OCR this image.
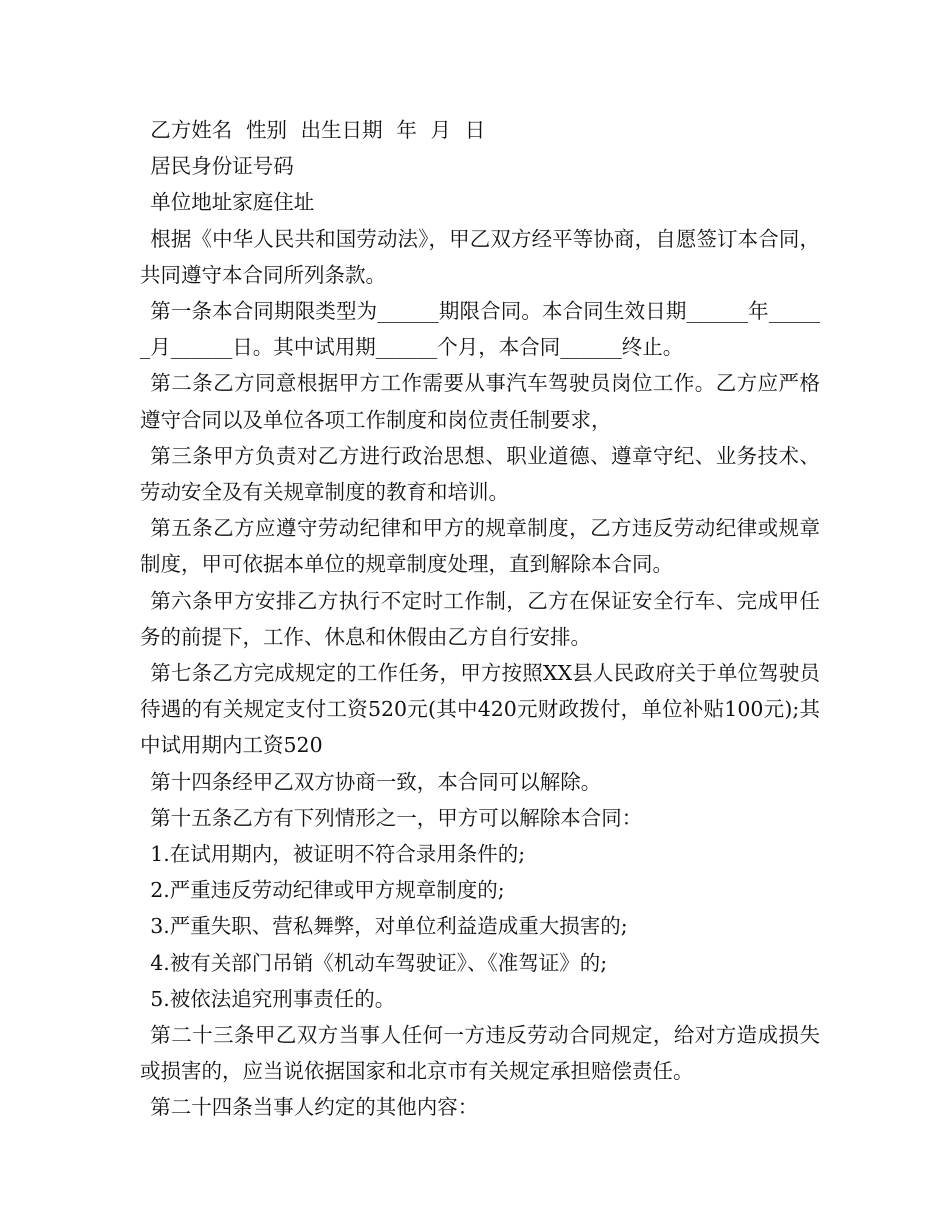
乙方姓名 性别 出生日期 年 月 日

居民身份证号码

单位地址家庭住址

根据《中华人民共和国劳动法》，甲乙双方经平等协商，自愿签订本合同，共同遵守本合同所列条款。

第一条本合同期限类型为______期限合同。本合同生效日期______年______月______日。其中试用期______个月，本合同______终止。

第二条乙方同意根据甲方工作需要从事汽车驾驶员岗位工作。乙方应严格遵守合同以及单位各项工作制度和岗位责任制要求，

第三条甲方负责对乙方进行政治思想、职业道德、遵章守纪、业务技术、劳动安全及有关规章制度的教育和培训。

第五条乙方应遵守劳动纪律和甲方的规章制度，乙方违反劳动纪律或规章制度，甲可依据本单位的规章制度处理，直到解除本合同。

第六条甲方安排乙方执行不定时工作制，乙方在保证安全行车、完成甲任务的前提下，工作、休息和休假由乙方自行安排。

第七条乙方完成规定的工作任务，甲方按照XX县人民政府关于单位驾驶员待遇的有关规定支付工资520元(其中420元财政拨付，单位补贴100元);其中试用期内工资520

第十四条经甲乙双方协商一致，本合同可以解除。

第十五条乙方有下列情形之一，甲方可以解除本合同：

1.在试用期内，被证明不符合录用条件的;

2.严重违反劳动纪律或甲方规章制度的;

3.严重失职、营私舞弊，对单位利益造成重大损害的;

4.被有关部门吊销《机动车驾驶证》、《准驾证》的;

5.被依法追究刑事责任的。

第二十三条甲乙双方当事人任何一方违反劳动合同规定，给对方造成损失或损害的，应当说依据国家和北京市有关规定承担赔偿责任。

第二十四条当事人约定的其他内容：
